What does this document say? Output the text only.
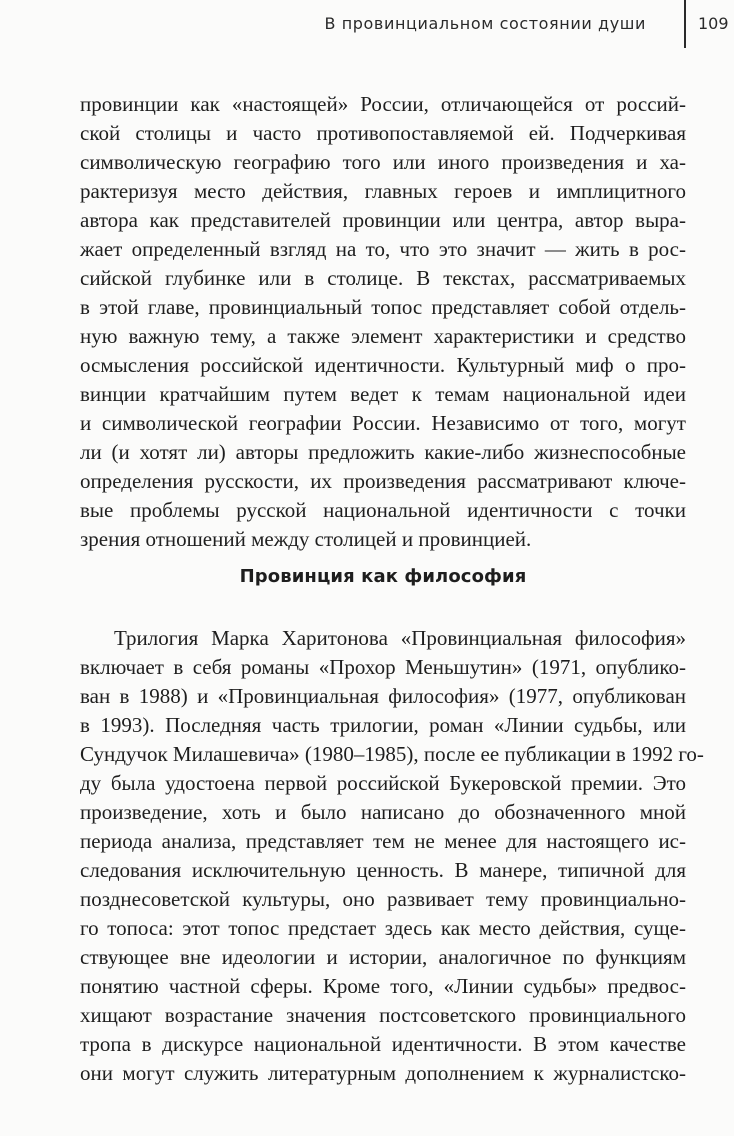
В провинциальном состоянии души	109
провинции как «настоящей» России, отличающейся от россий-
ской столицы и часто противопоставляемой ей. Подчеркивая
символическую географию того или иного произведения и ха-
рактеризуя место действия, главных героев и имплицитного
автора как представителей провинции или центра, автор выра-
жает определенный взгляд на то, что это значит — жить в рос-
сийской глубинке или в столице. В текстах, рассматриваемых
в этой главе, провинциальный топос представляет собой отдель-
ную важную тему, а также элемент характеристики и средство
осмысления российской идентичности. Культурный миф о про-
винции кратчайшим путем ведет к темам национальной идеи
и символической географии России. Независимо от того, могут
ли (и хотят ли) авторы предложить какие-либо жизнеспособные
определения русскости, их произведения рассматривают ключе-
вые проблемы русской национальной идентичности с точки
зрения отношений между столицей и провинцией.
Провинция как философия
Трилогия Марка Харитонова «Провинциальная философия»
включает в себя романы «Прохор Меньшутин» (1971, опублико-
ван в 1988) и «Провинциальная философия» (1977, опубликован
в 1993). Последняя часть трилогии, роман «Линии судьбы, или
Сундучок Милашевича» (1980–1985), после ее публикации в 1992 го-
ду была удостоена первой российской Букеровской премии. Это
произведение, хоть и было написано до обозначенного мной
периода анализа, представляет тем не менее для настоящего ис-
следования исключительную ценность. В манере, типичной для
позднесоветской культуры, оно развивает тему провинциально-
го топоса: этот топос предстает здесь как место действия, суще-
ствующее вне идеологии и истории, аналогичное по функциям
понятию частной сферы. Кроме того, «Линии судьбы» предвос-
хищают возрастание значения постсоветского провинциального
тропа в дискурсе национальной идентичности. В этом качестве
они могут служить литературным дополнением к журналистско-
